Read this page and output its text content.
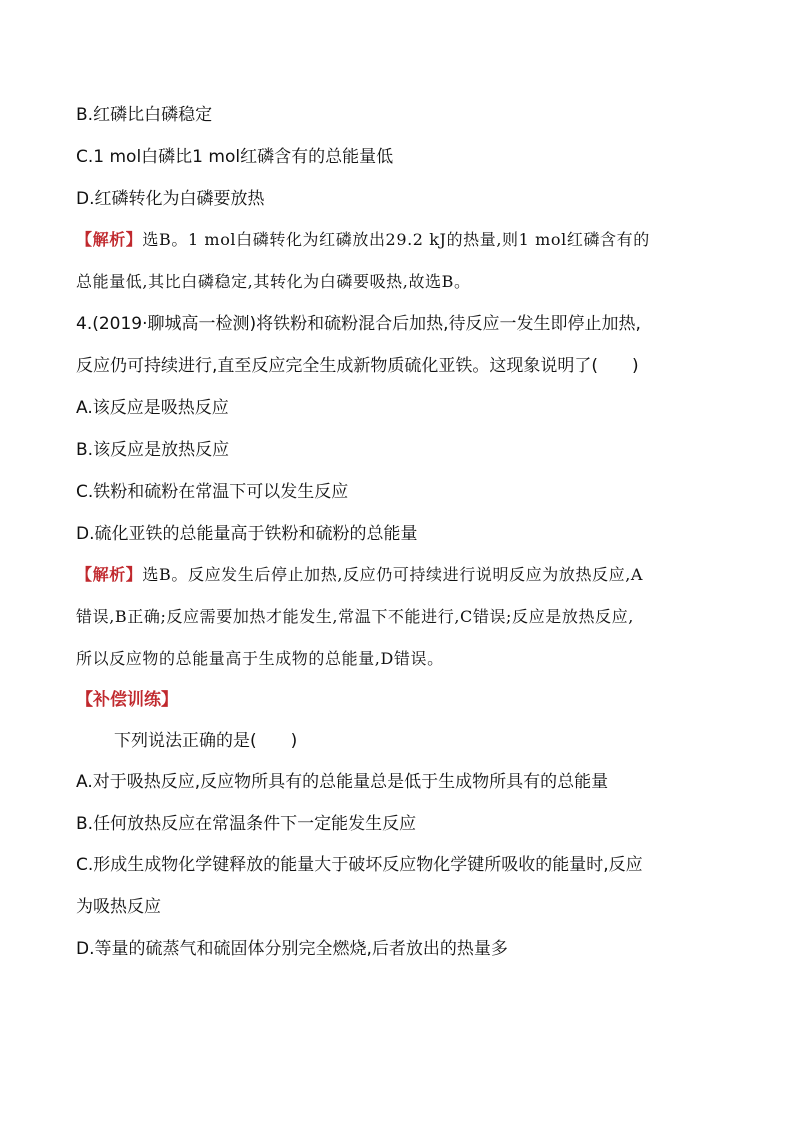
B.红磷比白磷稳定
C.1 mol白磷比1 mol红磷含有的总能量低
D.红磷转化为白磷要放热
【解析】选B。1 mol白磷转化为红磷放出29.2 kJ的热量,则1 mol红磷含有的
总能量低,其比白磷稳定,其转化为白磷要吸热,故选B。
4.(2019·聊城高一检测)将铁粉和硫粉混合后加热,待反应一发生即停止加热,
反应仍可持续进行,直至反应完全生成新物质硫化亚铁。这现象说明了(　　)
A.该反应是吸热反应
B.该反应是放热反应
C.铁粉和硫粉在常温下可以发生反应
D.硫化亚铁的总能量高于铁粉和硫粉的总能量
【解析】选B。反应发生后停止加热,反应仍可持续进行说明反应为放热反应,A
错误,B正确;反应需要加热才能发生,常温下不能进行,C错误;反应是放热反应,
所以反应物的总能量高于生成物的总能量,D错误。
【补偿训练】
下列说法正确的是(　　)
A.对于吸热反应,反应物所具有的总能量总是低于生成物所具有的总能量
B.任何放热反应在常温条件下一定能发生反应
C.形成生成物化学键释放的能量大于破坏反应物化学键所吸收的能量时,反应
为吸热反应
D.等量的硫蒸气和硫固体分别完全燃烧,后者放出的热量多
